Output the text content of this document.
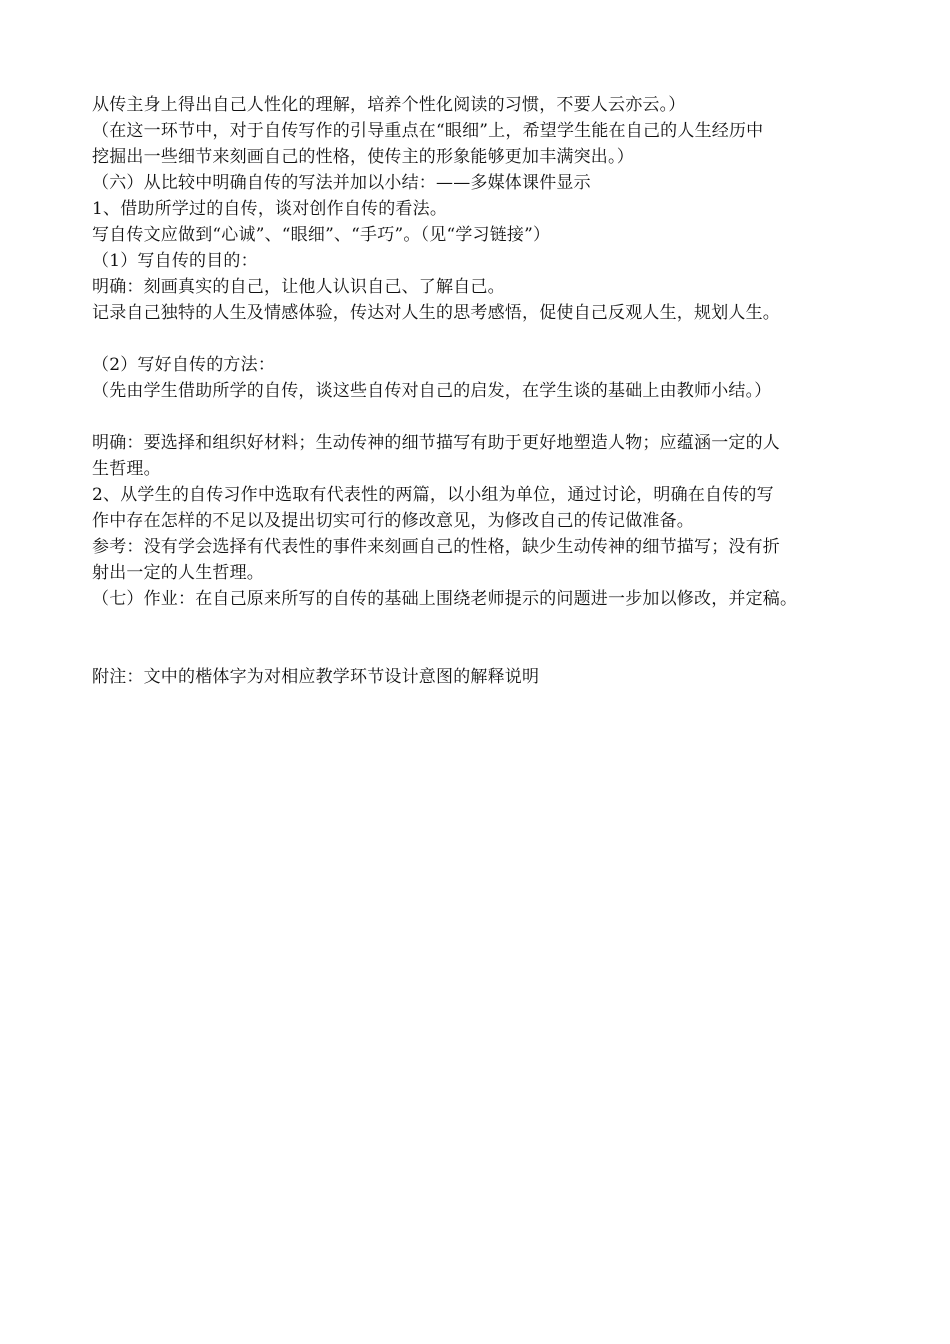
从传主身上得出自己人性化的理解，培养个性化阅读的习惯，不要人云亦云。）
（在这一环节中，对于自传写作的引导重点在“眼细”上，希望学生能在自己的人生经历中
挖掘出一些细节来刻画自己的性格，使传主的形象能够更加丰满突出。）
（六）从比较中明确自传的写法并加以小结：——多媒体课件显示
1、借助所学过的自传，谈对创作自传的看法。
写自传文应做到“心诚”、“眼细”、“手巧”。（见“学习链接”）
（1）写自传的目的：
明确：刻画真实的自己，让他人认识自己、了解自己。
记录自己独特的人生及情感体验，传达对人生的思考感悟，促使自己反观人生，规划人生。
（2）写好自传的方法：
（先由学生借助所学的自传，谈这些自传对自己的启发，在学生谈的基础上由教师小结。）
明确：要选择和组织好材料；生动传神的细节描写有助于更好地塑造人物；应蕴涵一定的人
生哲理。
2、从学生的自传习作中选取有代表性的两篇，以小组为单位，通过讨论，明确在自传的写
作中存在怎样的不足以及提出切实可行的修改意见，为修改自己的传记做准备。
参考：没有学会选择有代表性的事件来刻画自己的性格，缺少生动传神的细节描写；没有折
射出一定的人生哲理。
（七）作业：在自己原来所写的自传的基础上围绕老师提示的问题进一步加以修改，并定稿。
附注：文中的楷体字为对相应教学环节设计意图的解释说明
